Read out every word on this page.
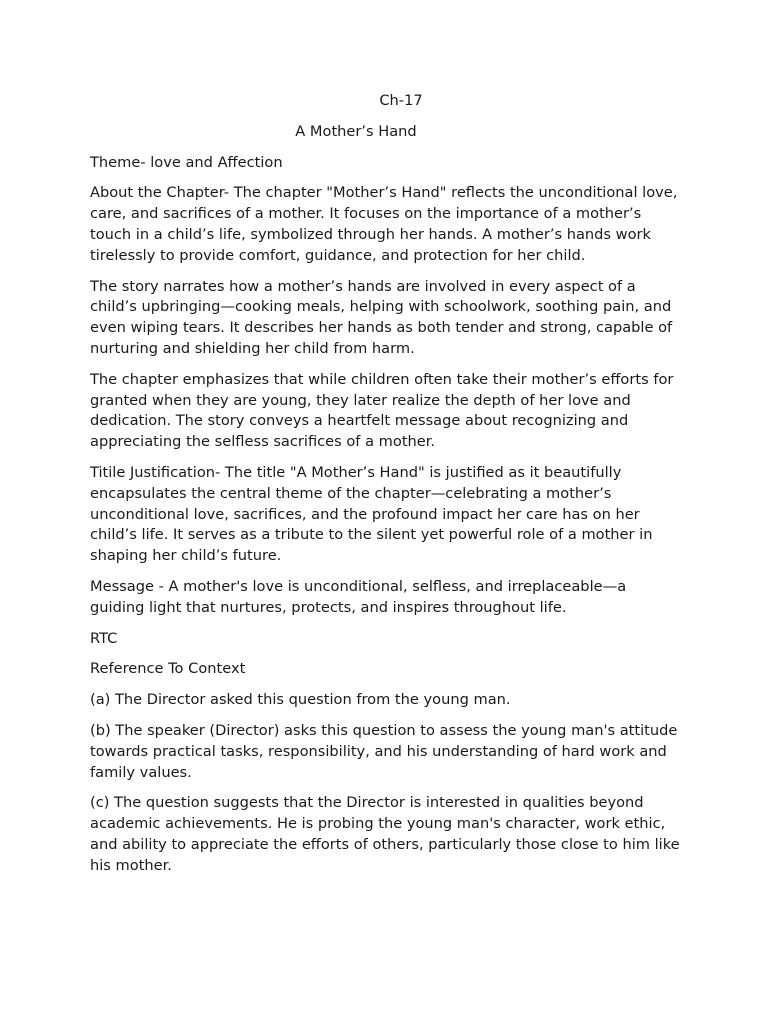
Ch-17

A Mother’s Hand

Theme- love and Affection

About the Chapter- The chapter "Mother’s Hand" reflects the unconditional love, care, and sacrifices of a mother. It focuses on the importance of a mother’s touch in a child’s life, symbolized through her hands. A mother’s hands work tirelessly to provide comfort, guidance, and protection for her child.

The story narrates how a mother’s hands are involved in every aspect of a child’s upbringing—cooking meals, helping with schoolwork, soothing pain, and even wiping tears. It describes her hands as both tender and strong, capable of nurturing and shielding her child from harm.

The chapter emphasizes that while children often take their mother’s efforts for granted when they are young, they later realize the depth of her love and dedication. The story conveys a heartfelt message about recognizing and appreciating the selfless sacrifices of a mother.

Titile Justification- The title "A Mother’s Hand" is justified as it beautifully encapsulates the central theme of the chapter—celebrating a mother’s unconditional love, sacrifices, and the profound impact her care has on her child’s life. It serves as a tribute to the silent yet powerful role of a mother in shaping her child’s future.

Message - A mother's love is unconditional, selfless, and irreplaceable—a guiding light that nurtures, protects, and inspires throughout life.

RTC

Reference To Context

(a) The Director asked this question from the young man.

(b) The speaker (Director) asks this question to assess the young man's attitude towards practical tasks, responsibility, and his understanding of hard work and family values.

(c) The question suggests that the Director is interested in qualities beyond academic achievements. He is probing the young man's character, work ethic, and ability to appreciate the efforts of others, particularly those close to him like his mother.
